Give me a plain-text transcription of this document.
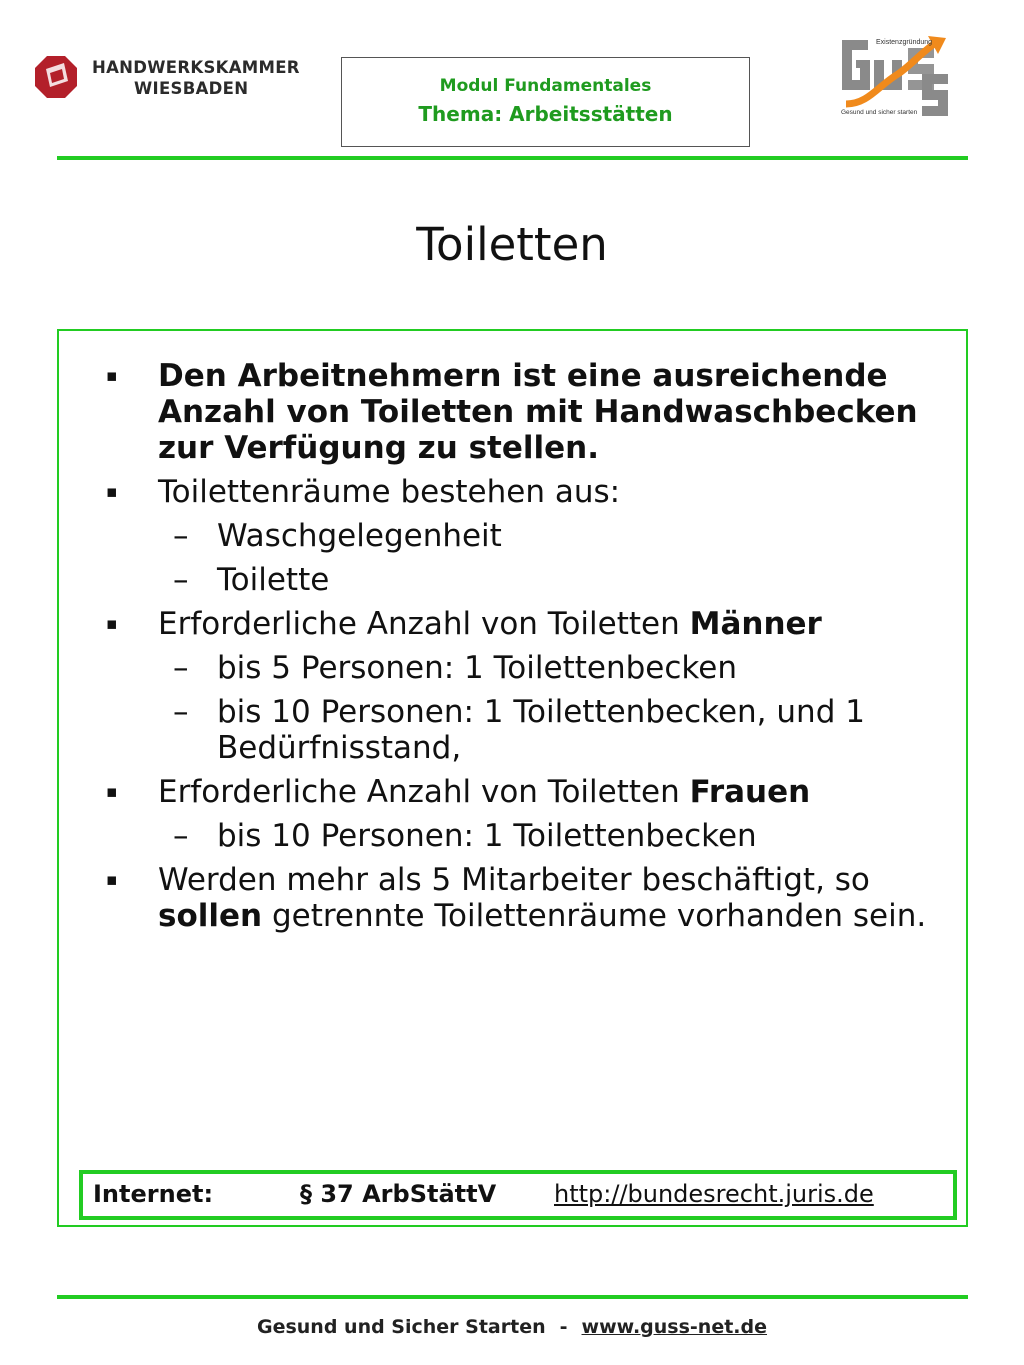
HANDWERKSKAMMER
WIESBADEN	Modul Fundamentales
Thema: Arbeitsstätten
Existenzgründung
Gesund und sicher starten
Toiletten
▪ Den Arbeitnehmern ist eine ausreichende Anzahl von Toiletten mit Handwaschbecken zur Verfügung zu stellen.
▪ Toilettenräume bestehen aus:
– Waschgelegenheit
– Toilette
▪ Erforderliche Anzahl von Toiletten Männer
– bis 5 Personen: 1 Toilettenbecken
– bis 10 Personen: 1 Toilettenbecken, und 1 Bedürfnisstand,
▪ Erforderliche Anzahl von Toiletten Frauen
– bis 10 Personen: 1 Toilettenbecken
▪ Werden mehr als 5 Mitarbeiter beschäftigt, so sollen getrennte Toilettenräume vorhanden sein.
Internet:	§ 37 ArbStättV http://bundesrecht.juris.de
Gesund und Sicher Starten - www.guss-net.de
